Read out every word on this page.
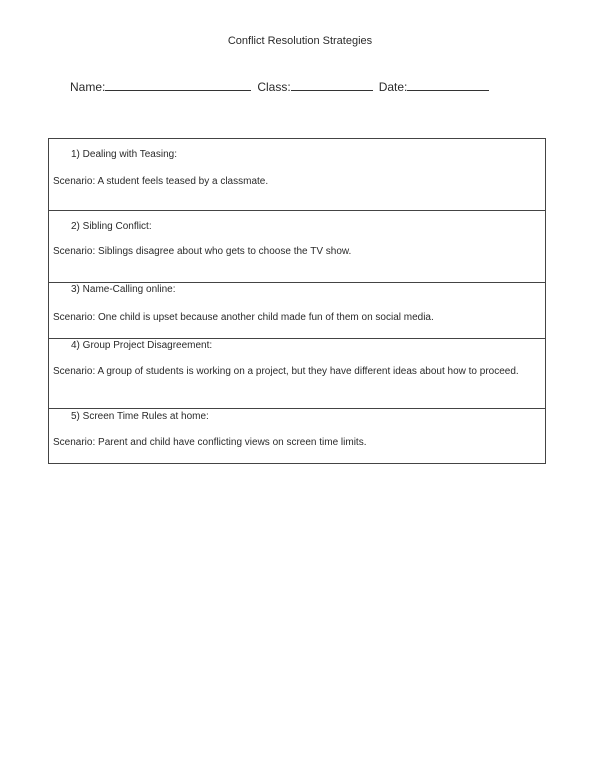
Conflict Resolution Strategies
Name:	Class:	Date:
1) Dealing with Teasing:
Scenario: A student feels teased by a classmate.
2) Sibling Conflict:
Scenario: Siblings disagree about who gets to choose the TV show.
3) Name-Calling online:
Scenario: One child is upset because another child made fun of them on social media.
4) Group Project Disagreement:
Scenario: A group of students is working on a project, but they have different ideas about how to proceed.
5) Screen Time Rules at home:
Scenario: Parent and child have conflicting views on screen time limits.
